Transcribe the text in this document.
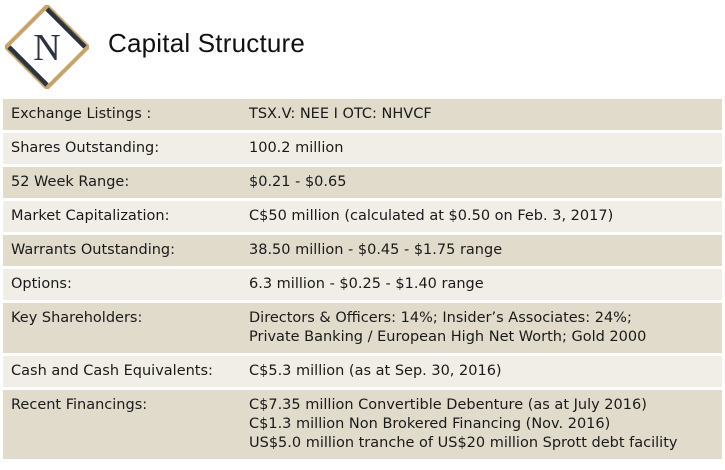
N Capital Structure
Exchange Listings :	TSX.V: NEE I OTC: NHVCF

Shares Outstanding:	100.2 million

52 Week Range:	$0.21 - $0.65

Market Capitalization:	C$50 million (calculated at $0.50 on Feb. 3, 2017)

Warrants Outstanding:	38.50 million - $0.45 - $1.75 range

Options:	6.3 million - $0.25 - $1.40 range

Key Shareholders:	Directors & Officers: 14%; Insider’s Associates: 24%;
Private Banking / European High Net Worth; Gold 2000

Cash and Cash Equivalents:	C$5.3 million (as at Sep. 30, 2016)

Recent Financings:	C$7.35 million Convertible Debenture (as at July 2016)
C$1.3 million Non Brokered Financing (Nov. 2016)
US$5.0 million tranche of US$20 million Sprott debt facility
